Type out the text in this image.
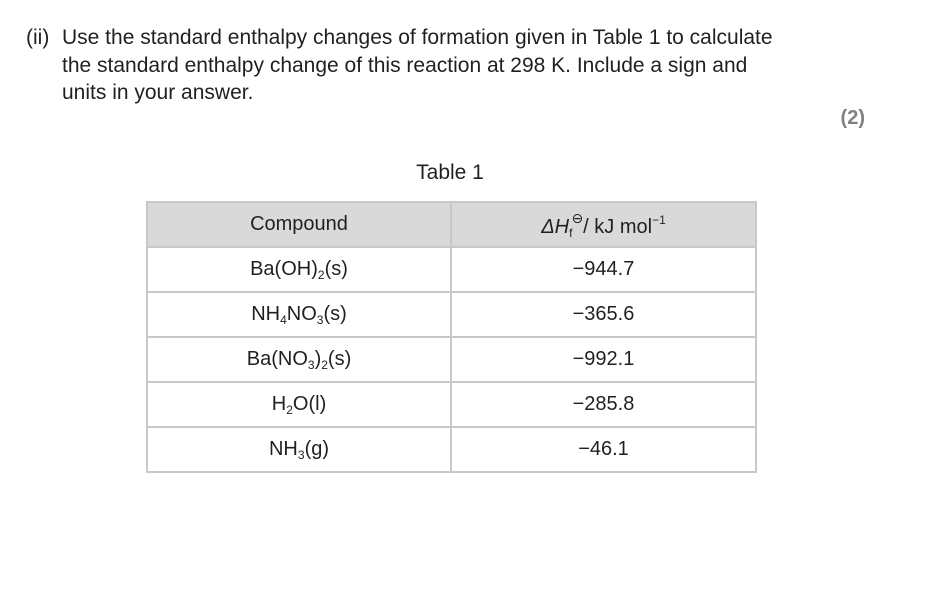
(ii) Use the standard enthalpy changes of formation given in Table 1 to calculate
the standard enthalpy change of this reaction at 298 K. Include a sign and
units in your answer.
(2)
Table 1
Compound	$\Delta H_f^⊖/$ kJ mol$^{-1}$
$Ba(OH)_2(s)$	−944.7
$NH_4NO_3(s)$	−365.6
$Ba(NO_3)_2(s)$	−992.1
$H_2O(l)$	−285.8
$NH_3(g)$	−46.1
